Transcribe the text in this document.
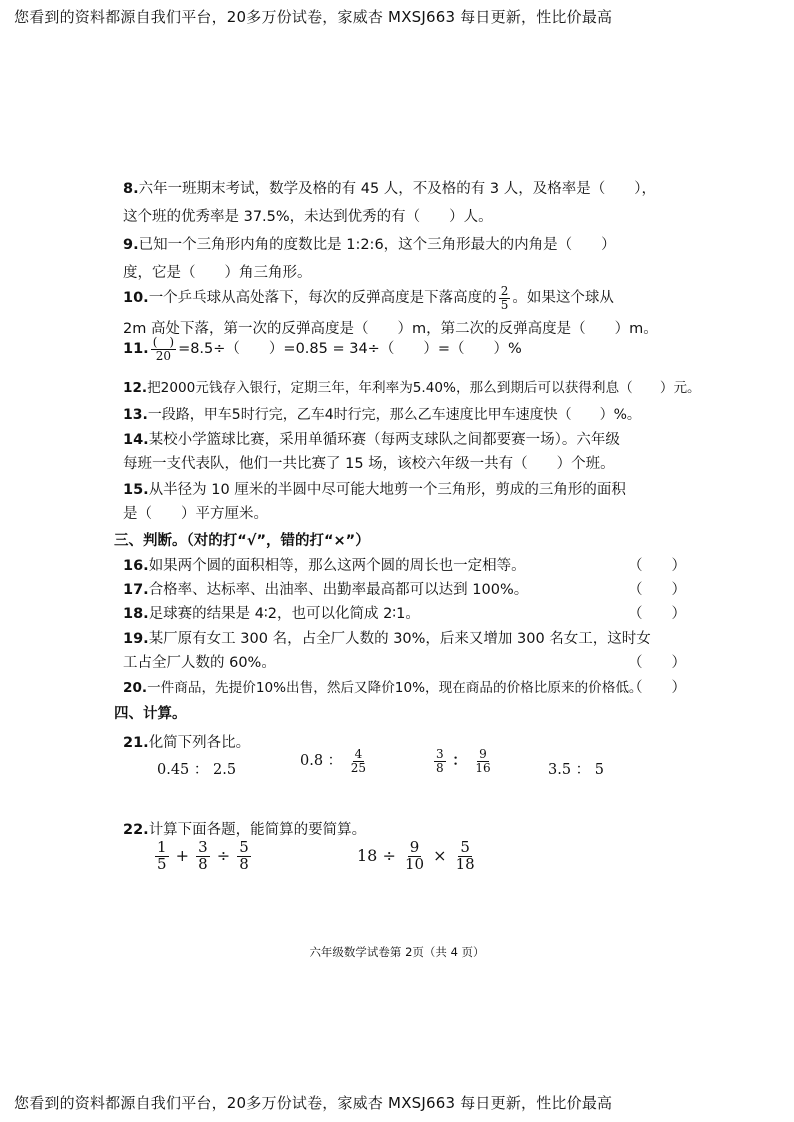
您看到的资料都源自我们平台，20多万份试卷，家威杏 MXSJ663 每日更新，性比价最高
8.六年一班期末考试，数学及格的有 45 人，不及格的有 3 人，及格率是（　　），
这个班的优秀率是 37.5%，未达到优秀的有（　　）人。
9.已知一个三角形内角的度数比是 1:2:6，这个三角形最大的内角是（　　）
度，它是（　　）角三角形。
10.一个乒乓球从高处落下，每次的反弹高度是下落高度的 $\frac{2}{5}$ 。如果这个球从
2m 高处下落，第一次的反弹高度是（　　）m，第二次的反弹高度是（　　）m。
11. $\frac{( )}{20} =8.5\div$（　　）=0.85 = 34÷（　　）=（　　）%
12.把2000元钱存入银行，定期三年，年利率为5.40%，那么到期后可以获得利息（　　）元。
13.一段路，甲车5时行完，乙车4时行完，那么乙车速度比甲车速度快（　　）%。
14.某校小学篮球比赛，采用单循环赛（每两支球队之间都要赛一场）。六年级
每班一支代表队，他们一共比赛了 15 场，该校六年级一共有（　　）个班。
15.从半径为 10 厘米的半圆中尽可能大地剪一个三角形，剪成的三角形的面积
是（　　）平方厘米。
三、判断。（对的打“√”，错的打“×”）
16.如果两个圆的面积相等，那么这两个圆的周长也一定相等。	（　　）
17.合格率、达标率、出油率、出勤率最高都可以达到 100%。	（　　）
18.足球赛的结果是 4∶2，也可以化简成 2∶1。	（　　）
19.某厂原有女工 300 名，占全厂人数的 30%，后来又增加 300 名女工，这时女
工占全厂人数的 60%。	（　　）
20.一件商品，先提价10%出售，然后又降价10%，现在商品的价格比原来的价格低。
（　　）
四、计算。
21.化简下列各比。
0.45 ： 2.5
0.8 ： $\frac{4}{25}$	$\frac{3}{8}$ ： $\frac{9}{16}$	3.5 ： 5
22.计算下面各题，能简算的要简算。
$\frac{1}{5} + \frac{3}{8} \div \frac{5}{8}$	$18 \div \frac{9}{10} \times \frac{5}{18}$
六年级数学试卷第 2页（共 4 页）
您看到的资料都源自我们平台，20多万份试卷，家威杏 MXSJ663 每日更新，性比价最高
